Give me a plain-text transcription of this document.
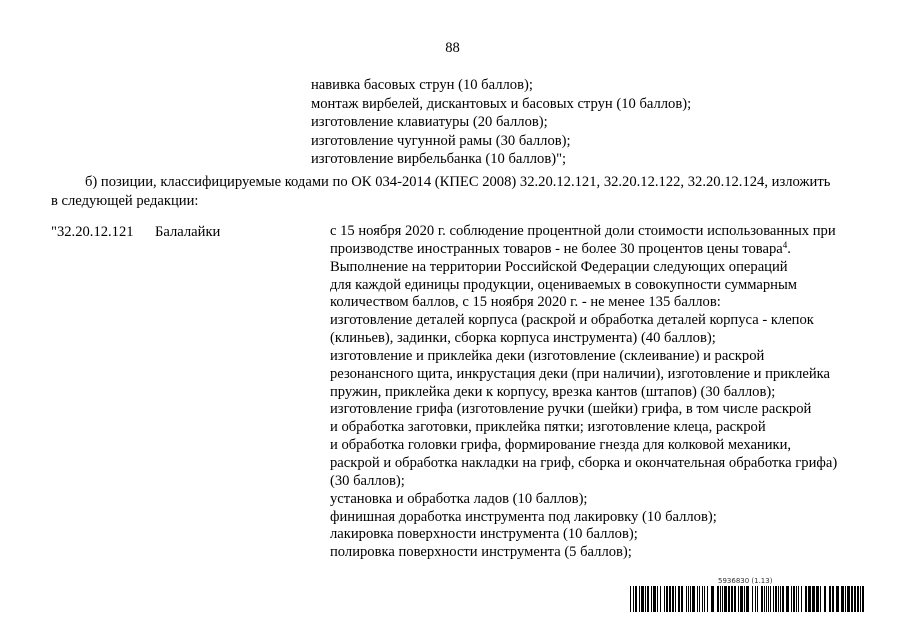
88
навивка басовых струн (10 баллов);
монтаж вирбелей, дискантовых и басовых струн (10 баллов);
изготовление клавиатуры (20 баллов);
изготовление чугунной рамы (30 баллов);
изготовление вирбельбанка (10 баллов)";
б) позиции, классифицируемые кодами по ОК 034-2014 (КПЕС 2008) 32.20.12.121, 32.20.12.122, 32.20.12.124, изложить
в следующей редакции:
"32.20.12.121 Балалайки	с 15 ноября 2020 г. соблюдение процентной доли стоимости использованных при
производстве иностранных товаров - не более 30 процентов цены товара$^4$.
Выполнение на территории Российской Федерации следующих операций
для каждой единицы продукции, оцениваемых в совокупности суммарным
количеством баллов, с 15 ноября 2020 г. - не менее 135 баллов:
изготовление деталей корпуса (раскрой и обработка деталей корпуса - клепок
(клиньев), задинки, сборка корпуса инструмента) (40 баллов);
изготовление и приклейка деки (изготовление (склеивание) и раскрой
резонансного щита, инкрустация деки (при наличии), изготовление и приклейка
пружин, приклейка деки к корпусу, врезка кантов (штапов) (30 баллов);
изготовление грифа (изготовление ручки (шейки) грифа, в том числе раскрой
и обработка заготовки, приклейка пятки; изготовление клеца, раскрой
и обработка головки грифа, формирование гнезда для колковой механики,
раскрой и обработка накладки на гриф, сборка и окончательная обработка грифа)
(30 баллов);
установка и обработка ладов (10 баллов);
финишная доработка инструмента под лакировку (10 баллов);
лакировка поверхности инструмента (10 баллов);
полировка поверхности инструмента (5 баллов);
5936830 (1.13)
